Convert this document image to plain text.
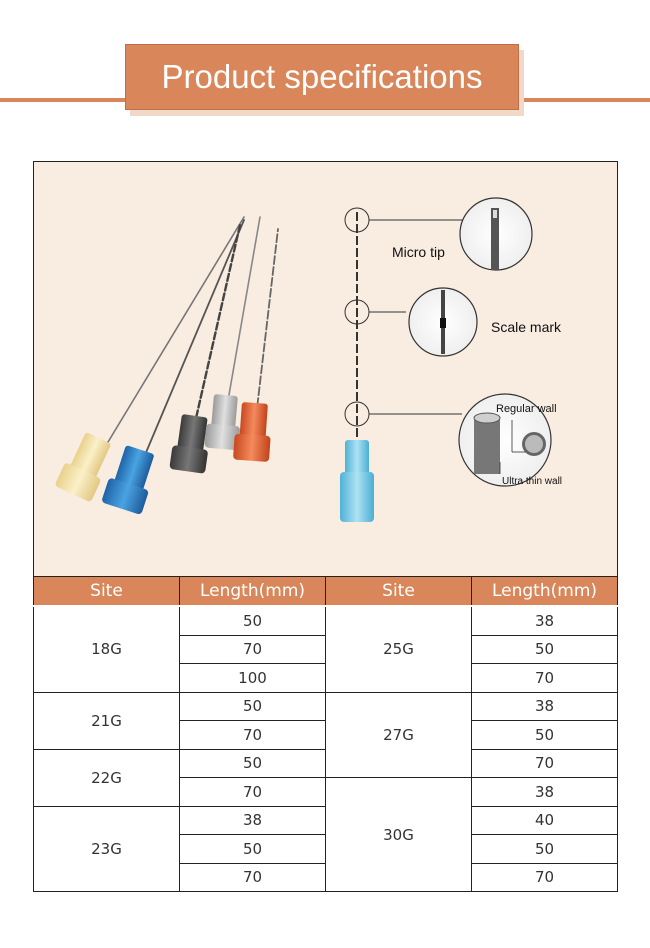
Product specifications
Micro tip
Scale mark
Regular wall
Ultra thin wall
Site	Length(mm)	Site	Length(mm)
18G	50	25G	38
	70		50
	100		70
21G	50	27G	38
	70		50
22G	50		70
	70	30G	38
23G	38		40
	50		50
	70		70
